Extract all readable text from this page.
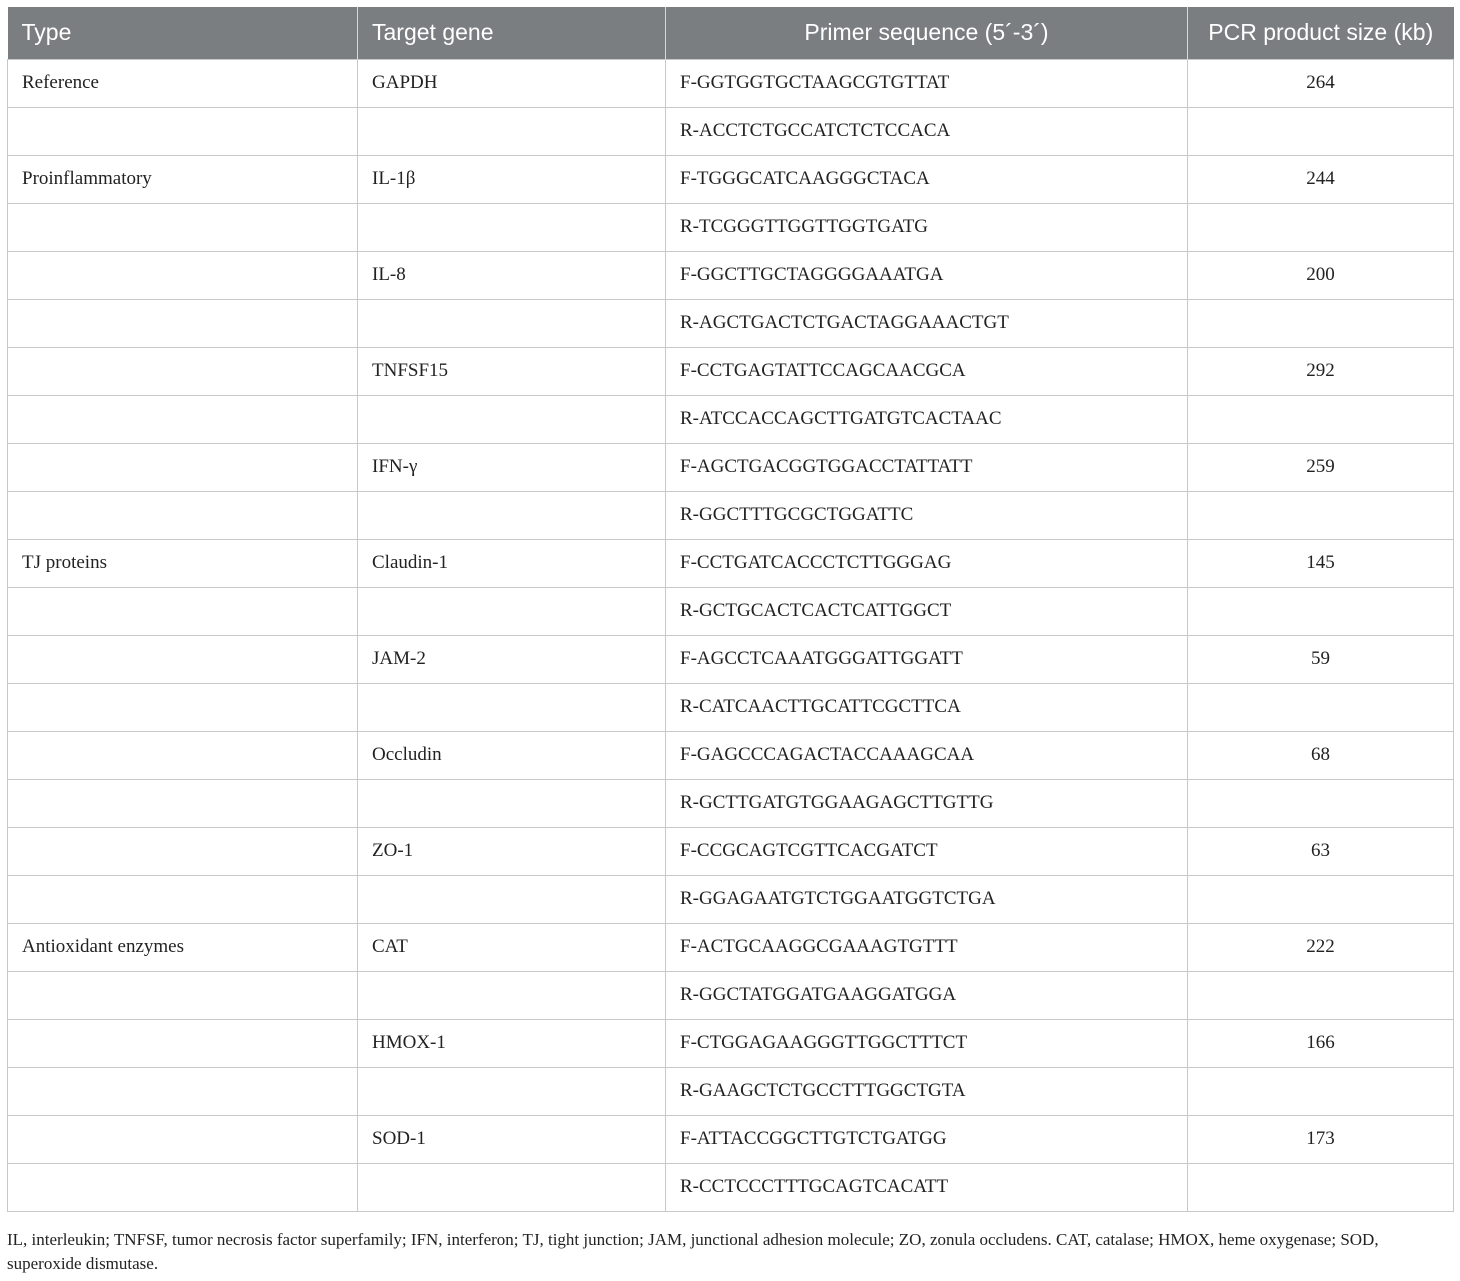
Type	Target gene	Primer sequence (5´-3´)	PCR product size (kb)
Reference	GAPDH	F-GGTGGTGCTAAGCGTGTTAT	264
		R-ACCTCTGCCATCTCTCCACA	
Proinflammatory	IL-1β	F-TGGGCATCAAGGGCTACA	244
		R-TCGGGTTGGTTGGTGATG	
	IL-8	F-GGCTTGCTAGGGGAAATGA	200
		R-AGCTGACTCTGACTAGGAAACTGT	
	TNFSF15	F-CCTGAGTATTCCAGCAACGCA	292
		R-ATCCACCAGCTTGATGTCACTAAC	
	IFN-γ	F-AGCTGACGGTGGACCTATTATT	259
		R-GGCTTTGCGCTGGATTC	
TJ proteins	Claudin-1	F-CCTGATCACCCTCTTGGGAG	145
		R-GCTGCACTCACTCATTGGCT	
	JAM-2	F-AGCCTCAAATGGGATTGGATT	59
		R-CATCAACTTGCATTCGCTTCA	
	Occludin	F-GAGCCCAGACTACCAAAGCAA	68
		R-GCTTGATGTGGAAGAGCTTGTTG	
	ZO-1	F-CCGCAGTCGTTCACGATCT	63
		R-GGAGAATGTCTGGAATGGTCTGA	
Antioxidant enzymes	CAT	F-ACTGCAAGGCGAAAGTGTTT	222
		R-GGCTATGGATGAAGGATGGA	
	HMOX-1	F-CTGGAGAAGGGTTGGCTTTCT	166
		R-GAAGCTCTGCCTTTGGCTGTA	
	SOD-1	F-ATTACCGGCTTGTCTGATGG	173
		R-CCTCCCTTTGCAGTCACATT	
IL, interleukin; TNFSF, tumor necrosis factor superfamily; IFN, interferon; TJ, tight junction; JAM, junctional adhesion molecule; ZO, zonula occludens. CAT, catalase; HMOX, heme oxygenase; SOD, superoxide dismutase.
